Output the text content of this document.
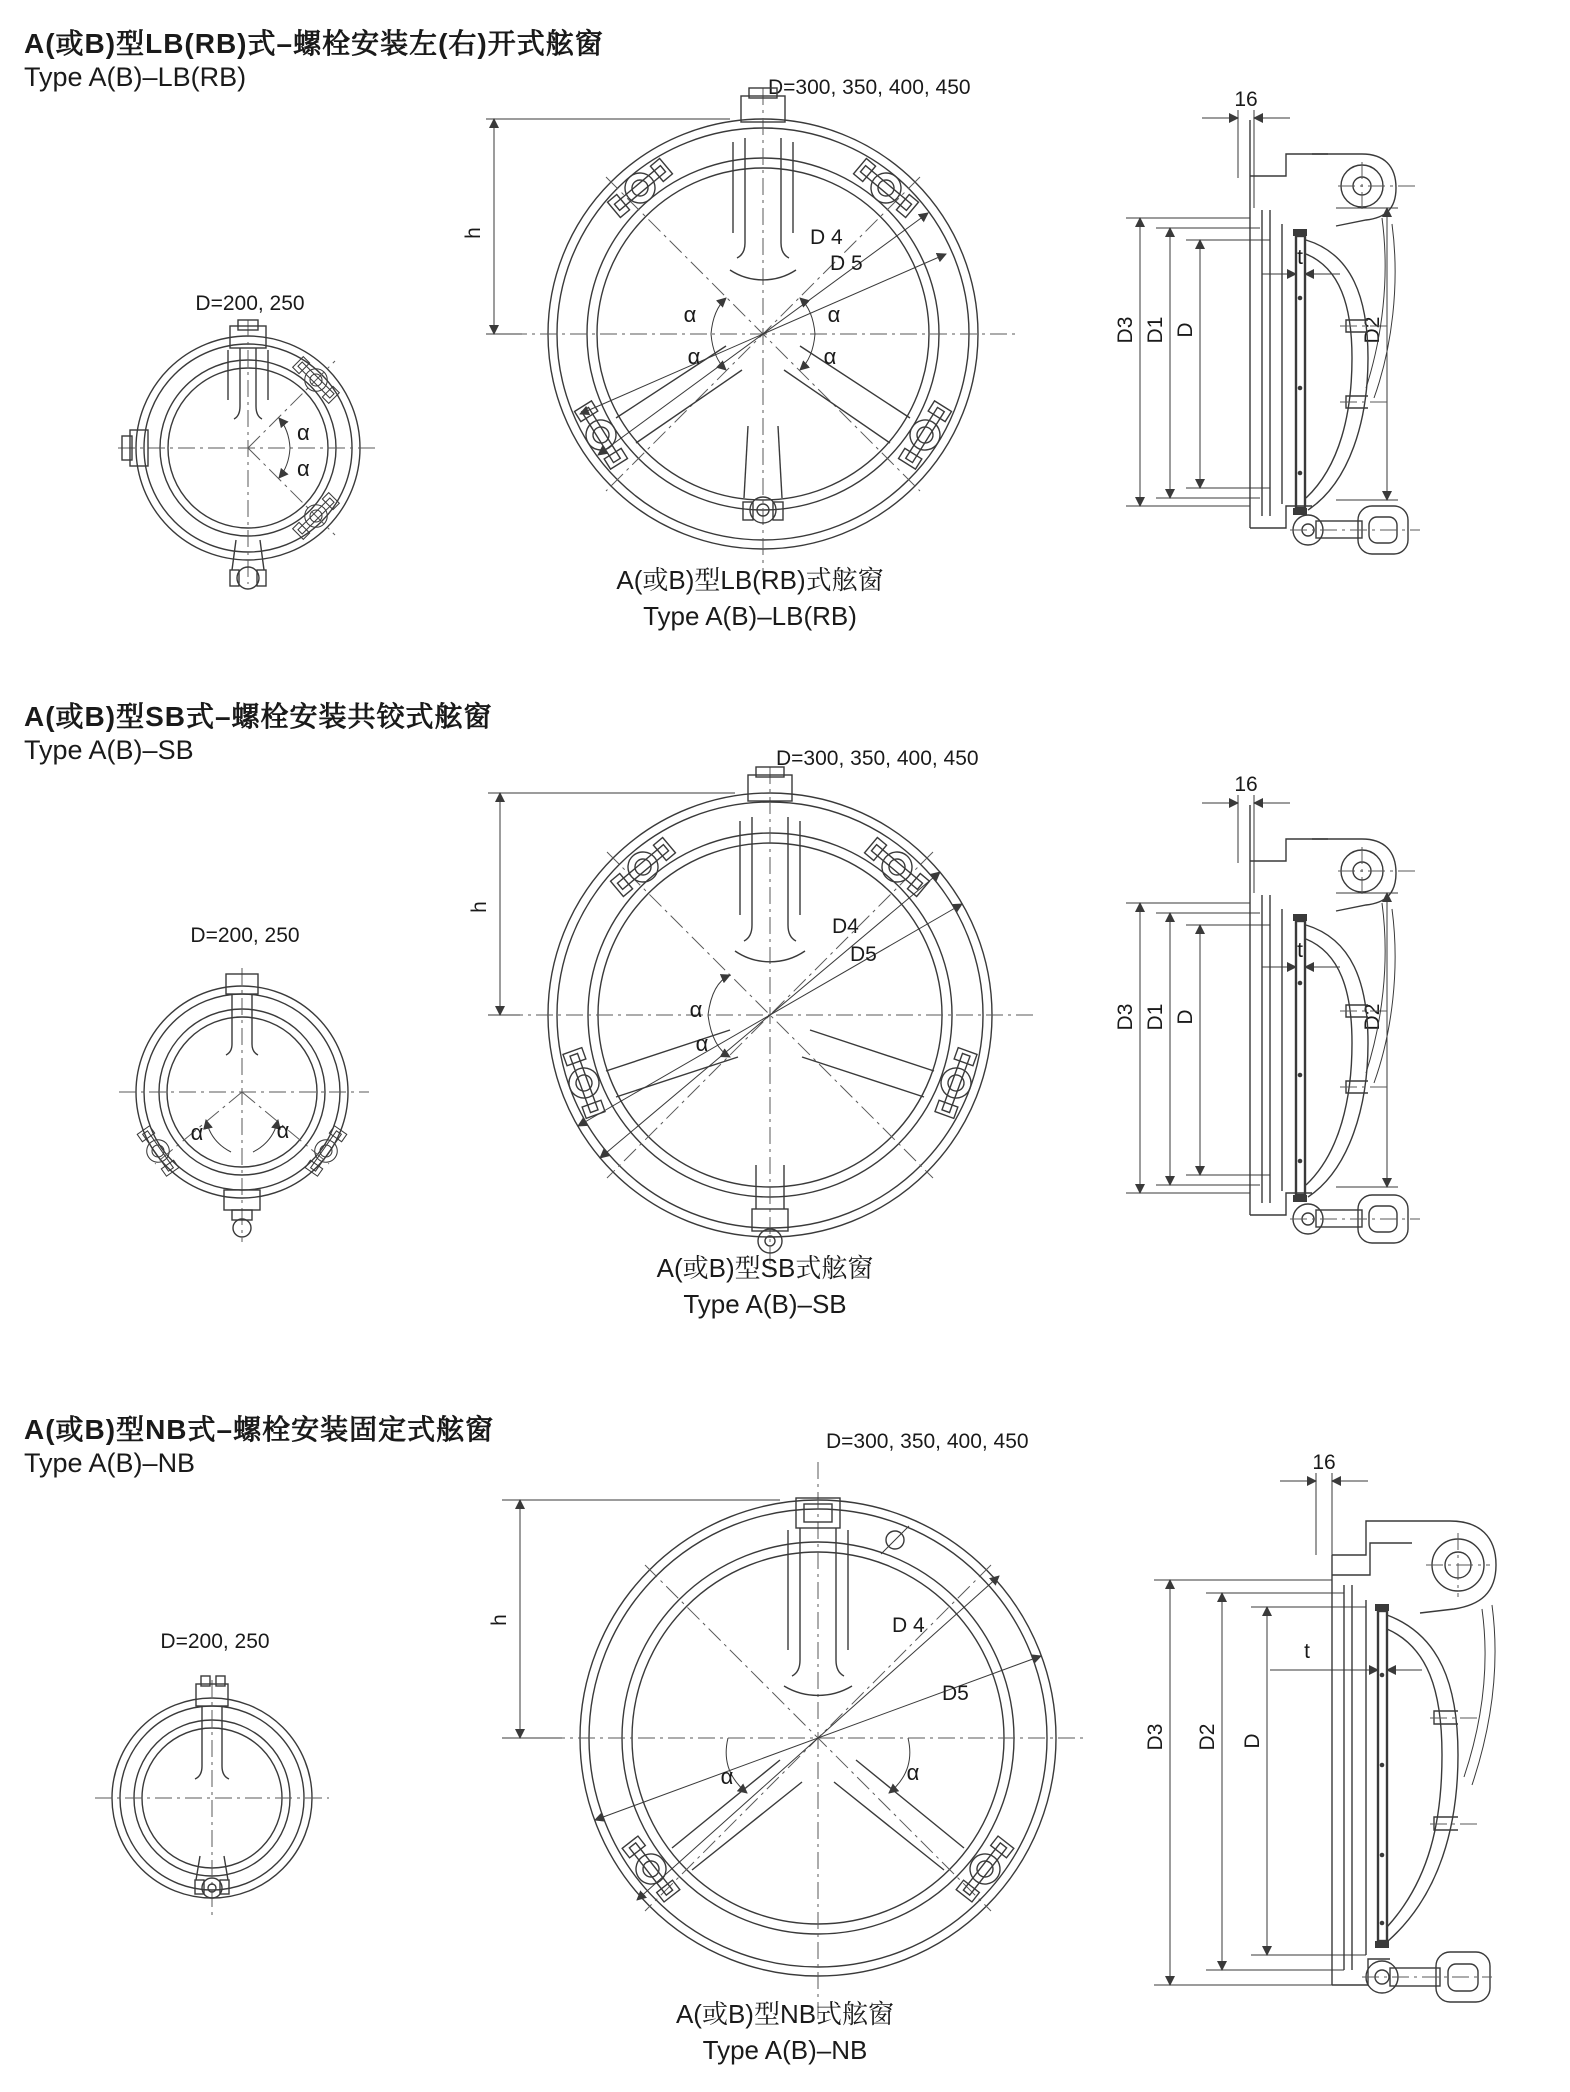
A(或B)型LB(RB)式–螺栓安装左(右)开式舷窗
Type A(B)–LB(RB)
D=200, 250
α
α
D=300, 350, 400, 450
h	D 4
D 5
α	α
α	α
16
D3 D1 D	D2
t
A(或B)型LB(RB)式舷窗
Type A(B)–LB(RB)
A(或B)型SB式–螺栓安装共铰式舷窗
Type A(B)–SB
D=200, 250
α	α
D=300, 350, 400, 450
h
D4
D5
α
α
16
D3 D1 D	D2
t
A(或B)型SB式舷窗
Type A(B)–SB
A(或B)型NB式–螺栓安装固定式舷窗
Type A(B)–NB
D=200, 250
D=300, 350, 400, 450
h	D 4
D5
α	α
16
D3 D2 D
t
A(或B)型NB式舷窗
Type A(B)–NB
